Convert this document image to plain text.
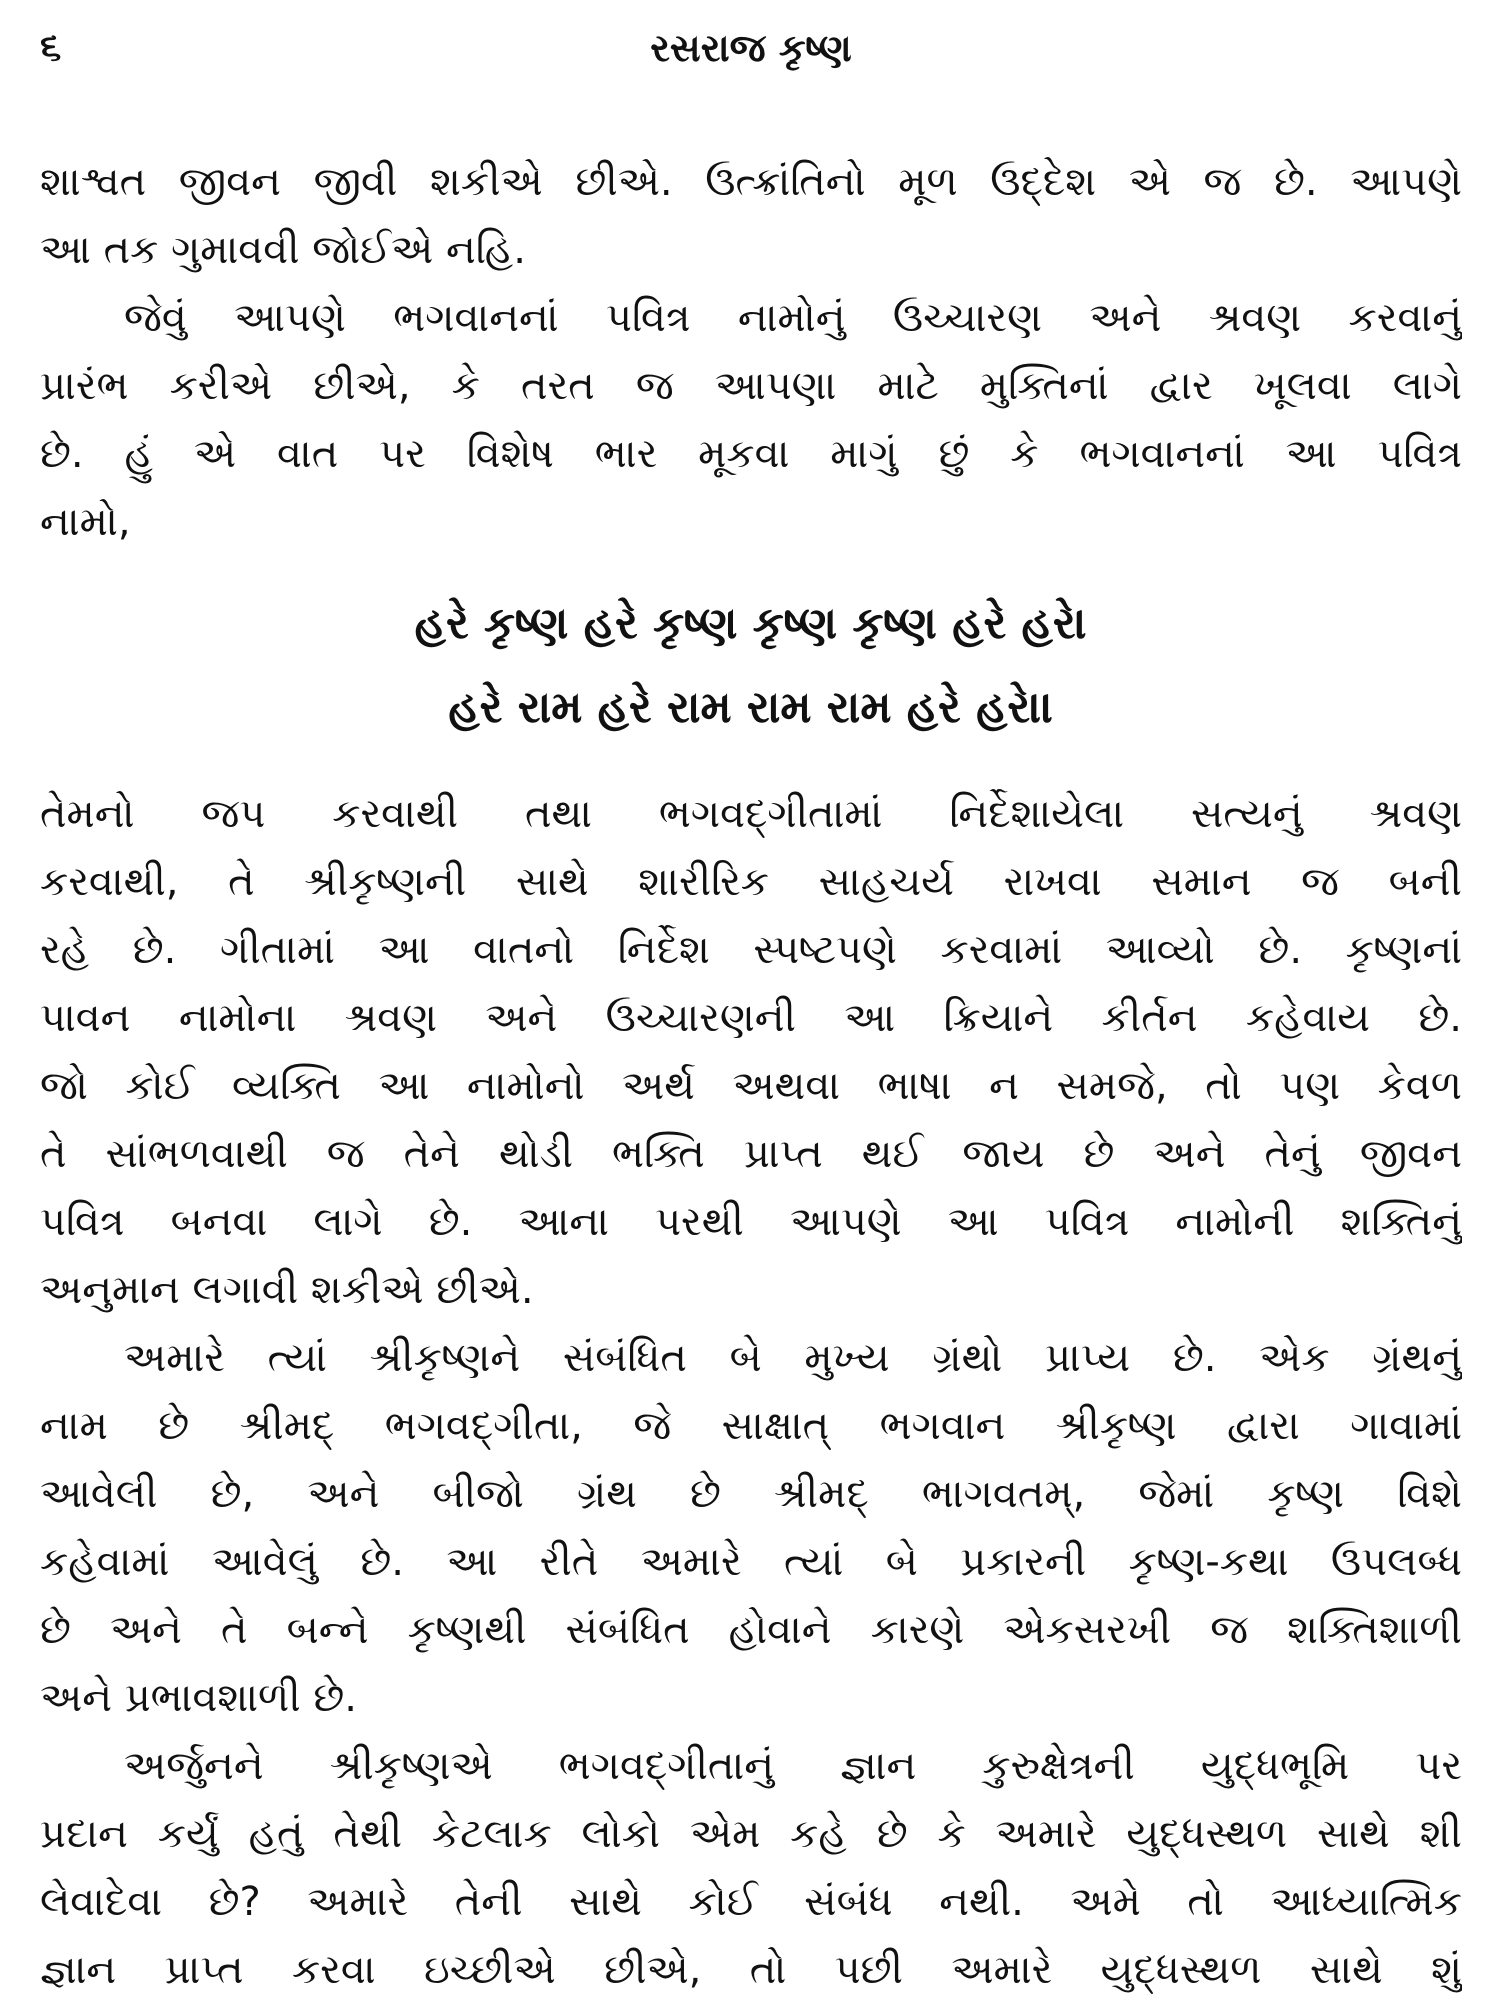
૬	રસરાજ કૃષ્ણ
શાશ્વત જીવન જીવી શકીએ છીએ. ઉત્ક્રાંતિનો મૂળ ઉદ્દેશ એ જ છે. આપણે
આ તક ગુમાવવી જોઈએ નહિ.
જેવું આપણે ભગવાનનાં પવિત્ર નામોનું ઉચ્ચારણ અને શ્રવણ કરવાનું
પ્રારંભ કરીએ છીએ, કે તરત જ આપણા માટે મુક્તિનાં દ્વાર ખૂલવા લાગે
છે. હું એ વાત પર વિશેષ ભાર મૂકવા માગું છું કે ભગવાનનાં આ પવિત્ર
નામો,
હરે કૃષ્ણ હરે કૃષ્ણ કૃષ્ણ કૃષ્ણ હરે હરે।
હરે રામ હરે રામ રામ રામ હરે હરે।।
તેમનો જપ કરવાથી તથા ભગવદ્ગીતામાં નિર્દેશાયેલા સત્યનું શ્રવણ
કરવાથી, તે શ્રીકૃષ્ણની સાથે શારીરિક સાહચર્ય રાખવા સમાન જ બની
રહે છે. ગીતામાં આ વાતનો નિર્દેશ સ્પષ્ટપણે કરવામાં આવ્યો છે. કૃષ્ણનાં
પાવન નામોના શ્રવણ અને ઉચ્ચારણની આ ક્રિયાને કીર્તન કહેવાય છે.
જો કોઈ વ્યક્તિ આ નામોનો અર્થ અથવા ભાષા ન સમજે, તો પણ કેવળ
તે સાંભળવાથી જ તેને થોડી ભક્તિ પ્રાપ્ત થઈ જાય છે અને તેનું જીવન
પવિત્ર બનવા લાગે છે. આના પરથી આપણે આ પવિત્ર નામોની શક્તિનું
અનુમાન લગાવી શકીએ છીએ.
અમારે ત્યાં શ્રીકૃષ્ણને સંબંધિત બે મુખ્ય ગ્રંથો પ્રાપ્ય છે. એક ગ્રંથનું
નામ છે શ્રીમદ્ ભગવદ્ગીતા, જે સાક્ષાત્ ભગવાન શ્રીકૃષ્ણ દ્વારા ગાવામાં
આવેલી છે, અને બીજો ગ્રંથ છે શ્રીમદ્ ભાગવતમ્, જેમાં કૃષ્ણ વિશે
કહેવામાં આવેલું છે. આ રીતે અમારે ત્યાં બે પ્રકારની કૃષ્ણ-કથા ઉપલબ્ધ
છે અને તે બન્ને કૃષ્ણથી સંબંધિત હોવાને કારણે એકસરખી જ શક્તિશાળી
અને પ્રભાવશાળી છે.
અર્જુનને શ્રીકૃષ્ણએ ભગવદ્ગીતાનું જ્ઞાન કુરુક્ષેત્રની યુદ્ધભૂમિ પર
પ્રદાન કર્યું હતું તેથી કેટલાક લોકો એમ કહે છે કે અમારે યુદ્ધસ્થળ સાથે શી
લેવાદેવા છે? અમારે તેની સાથે કોઈ સંબંધ નથી. અમે તો આધ્યાત્મિક
જ્ઞાન પ્રાપ્ત કરવા ઇચ્છીએ છીએ, તો પછી અમારે યુદ્ધસ્થળ સાથે શું
